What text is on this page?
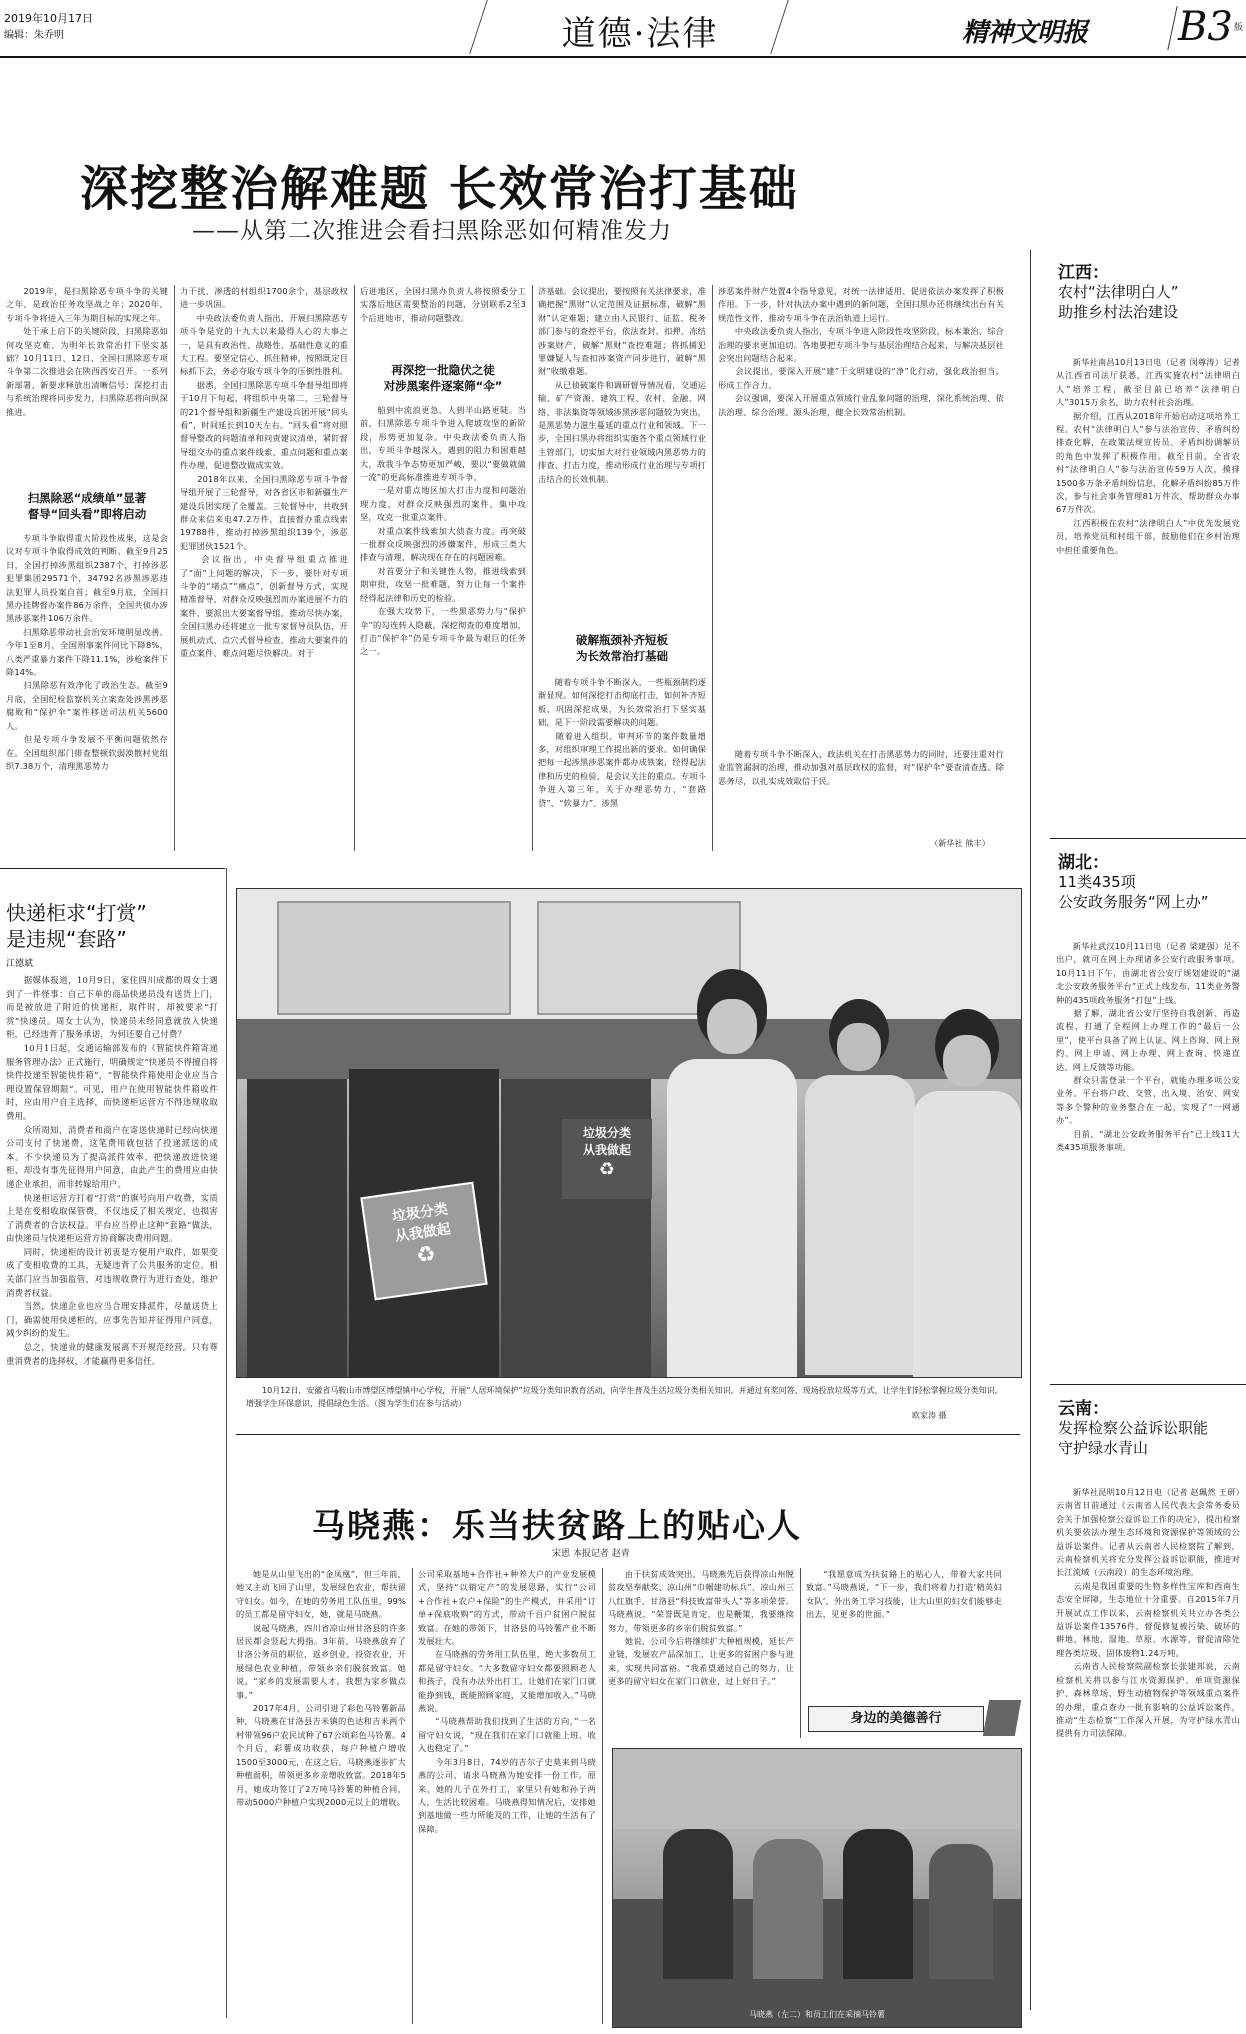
2019年10月17日
编辑：朱乔明	道德·法律	精神文明报 B3 版
深挖整治解难题 长效常治打基础
——从第二次推进会看扫黑除恶如何精准发力
　　2019年，是扫黑除恶专项斗争的关键之年，是政治任务攻坚战之年；2020年，专项斗争将进入三年为期目标的实现之年。
　　处于承上启下的关键阶段，扫黑除恶如何攻坚克难、为明年长效常治打下坚实基础？10月11日、12日，全国扫黑除恶专项斗争第二次推进会在陕西西安召开。一系列新部署、新要求释放出清晰信号：深挖打击与系统治理将同步发力，扫黑除恶将向纵深推进。
扫黑除恶“成绩单”显著
督导“回头看”即将启动
　　专项斗争取得重大阶段性成果，这是会议对专项斗争取得成效的判断。截至9月25日，全国打掉涉黑组织2387个，打掉涉恶犯罪集团29571个，34792名涉黑涉恶违法犯罪人员投案自首；截至9月底，全国扫黑办挂牌督办案件86万余件，全国共侦办涉黑涉恶案件106万余件。
　　扫黑除恶带动社会治安环境明显改善。今年1至8月，全国刑事案件同比下降8%，八类严重暴力案件下降11.1%，涉枪案件下降14%。
　　扫黑除恶有效净化了政治生态。截至9月底，全国纪检监察机关立案查处涉黑涉恶腐败和“保护伞”案件移送司法机关5600人。
　　但是专项斗争发展不平衡问题依然存在。全国组织部门排查整顿软弱涣散村党组织7.38万个，清理黑恶势力
力干扰、渗透的村组织1700余个，基层政权进一步巩固。
　　中央政法委负责人指出，开展扫黑除恶专项斗争是党的十九大以来最得人心的大事之一，是具有政治性、战略性、基础性意义的重大工程。要坚定信心、抓住精神，按照既定目标抓下去，务必夺取专项斗争的压倒性胜利。
　　据悉，全国扫黑除恶专项斗争督导组即将于10月下旬起，将组织中央第二、三轮督导的21个督导组和新疆生产建设兵团开展“回头看”，时间延长到10天左右。“回头看”将对照督导整改的问题清单和问责建议清单，紧盯督导组交办的重点案件线索、重点问题和重点案件办理，促进整改做成实效。
　　2018年以来，全国扫黑除恶专项斗争督导组开展了三轮督导，对各省区市和新疆生产建设兵团实现了全覆盖。三轮督导中，共收到群众来信来电47.2万件，直接督办重点线索19788件，推动打掉涉黑组织139个，涉恶犯罪团伙1521个。
　　会议指出，中央督导组重点推进了“面”上问题的解决，下一步，要针对专项斗争的“堵点”“痛点”，创新督导方式，实现精准督导，对群众反映强烈而办案进展不力的案件，要派出大要案督导组，推动尽快办案，全国扫黑办还将建立一批专家督导员队伍，开展机动式、点穴式督导检查，推动大要案件的重点案件、难点问题尽快解决。对于
后进地区，全国扫黑办负责人将按照委分工实落后地区需要整治的问题，分别联系2至3个后进地市，推动问题整改。
再深挖一批隐伏之徒
对涉黑案件逐案筛“伞”
　　船到中流浪更急，人到半山路更陡。当前，扫黑除恶专项斗争进入爬坡攻坚的新阶段，形势更加复杂。中央政法委负责人指出，专项斗争越深入，遇到的阻力和困难越大，敌我斗争态势更加严峻，要以“要做就做一流”的更高标准推进专项斗争。
　　一是对重点地区加大打击力度和问题治理力度，对群众反映强烈的案件，集中攻坚，攻克一批重点案件。
　　对重点案件线索加大侦查力度。再突破一批群众反映强烈的涉嫌案件，形成三类大排查与清理，解决现在存在的问题困难。
　　对首要分子和关键性人物，推进线索到期审批，攻坚一批难题，努力让每一个案件经得起法律和历史的检验。
　　在强大攻势下，一些黑恶势力与“保护伞”的勾连转入隐蔽，深挖彻查的难度增加，打击“保护伞”仍是专项斗争最为艰巨的任务之一。
济基础。会议提出，要按照有关法律要求，准确把握“黑财”认定范围及证据标准，破解“黑财”认定难题；建立由人民银行、证监、税务部门参与的查控平台，依法查封、扣押、冻结涉案财产，破解“黑财”查控难题；将抓捕犯罪嫌疑人与查扣涉案资产同步进行，破解“黑财”收缴难题。
　　从已侦破案件和调研督导情况看，交通运输、矿产资源、建筑工程、农村、金融、网络、非法集资等领域涉黑涉恶问题较为突出，是黑恶势力滋生蔓延的重点行业和领域。下一步，全国扫黑办将组织实施各个重点领域行业主管部门，切实加大对行业领域内黑恶势力的排查、打击力度，推动形成行业治理与专项打击结合的长效机制。
破解瓶颈补齐短板
为长效常治打基础
　　随着专项斗争不断深入，一些瓶颈制约逐渐显现。如何深挖打击彻底打击，如何补齐短板，巩固深挖成果，为长效常治打下坚实基础，是下一阶段需要解决的问题。
　　随着进入组织、审判环节的案件数量增多，对组织审理工作提出新的要求。如何确保把每一起涉黑涉恶案件都办成铁案，经得起法律和历史的检验，是会议关注的重点。专项斗争进入第三年，关于办理恶势力、“套路贷”、“软暴力”、涉黑
涉恶案件财产处置4个指导意见，对统一法律适用、促进依法办案发挥了积极作用。下一步，针对执法办案中遇到的新问题，全国扫黑办还将继续出台有关规范性文件，推动专项斗争在法治轨道上运行。
　　中央政法委负责人指出，专项斗争进入阶段性攻坚阶段，标本兼治、综合治理的要求更加迫切。各地要把专项斗争与基层治理结合起来，与解决基层社会突出问题结合起来。
　　会议提出，要深入开展“建”于文明建设的“净”化行动，强化政治担当，形成工作合力。
　　会议强调，要深入开展重点领域行业乱象问题的治理，深化系统治理、依法治理、综合治理、源头治理，健全长效常治机制。
　　随着专项斗争不断深入，政法机关在打击黑恶势力的同时，还要注重对行业监管漏洞的治理，推动加强对基层政权的监督，对“保护伞”要查清查透、除恶务尽，以扎实成效取信于民。
（新华社 熊丰）
江西：
农村“法律明白人”
助推乡村法治建设
　　新华社南昌10月13日电（记者 闵尊涛）记者从江西省司法厅获悉，江西实施农村“法律明白人”培养工程，截至目前已培养“法律明白人”3015万余名，助力农村社会治理。
　　据介绍，江西从2018年开始启动这项培养工程。农村“法律明白人”参与法治宣传、矛盾纠纷排查化解，在政策法规宣传员、矛盾纠纷调解员的角色中发挥了积极作用。截至目前，全省农村“法律明白人”参与法治宣传59万人次，摸排1500多万条矛盾纠纷信息，化解矛盾纠纷85万件次，参与社会事务管理81万件次，帮助群众办事67万件次。
　　江西积极在农村“法律明白人”中优先发展党员，培养党员和村组干部，鼓励他们在乡村治理中担任重要角色。
湖北：
11类435项
公安政务服务“网上办”
　　新华社武汉10月11日电（记者 梁建强）足不出户，就可在网上办理诸多公安行政服务事项。10月11日下午，由湖北省公安厅规划建设的“湖北公安政务服务平台”正式上线发布，11类业务警种的435项政务服务“打包”上线。
　　据了解，湖北省公安厅坚持自我创新、再造流程，打通了全程网上办理工作的“最后一公里”，使平台具备了网上认证、网上咨询、网上预约、网上申请、网上办理、网上查询、快递直达、网上反馈等功能。
　　群众只需登录一个平台，就能办理多项公安业务。平台将户政、交管、出入境、治安、网安等多个警种的业务整合在一起，实现了“一网通办”。
　　目前，“湖北公安政务服务平台”已上线11大类435项服务事项。
云南：
发挥检察公益诉讼职能
守护绿水青山
　　新华社昆明10月12日电（记者 赵珮然 王研）云南省日前通过《云南省人民代表大会常务委员会关于加强检察公益诉讼工作的决定》，提出检察机关要依法办理生态环境和资源保护等领域的公益诉讼案件。记者从云南省人民检察院了解到，云南检察机关将充分发挥公益诉讼职能，推进对长江流域（云南段）的生态环境治理。
　　云南是我国重要的生物多样性宝库和西南生态安全屏障，生态地位十分重要。自2015年7月开展试点工作以来，云南检察机关共立办各类公益诉讼案件13576件，督促修复被污染、破坏的耕地、林地、湿地、草原、水源等，督促清除处理各类垃圾、固体废物1.24万吨。
　　云南省人民检察院副检察长张建邦说，云南检察机关将以参与江水资源保护、单项资源保护、森林草场、野生动植物保护等领域重点案件的办理，重点查办一批有影响的公益诉讼案件，推动“生态检察”工作深入开展，为守护绿水青山提供有力司法保障。
快递柜求“打赏”
是违规“套路”
江德斌
　　据媒体报道，10月9日，家住四川成都的周女士遇到了一件怪事：自己下单的商品快递员没有送货上门，而是被放进了附近的快递柜，取件时，却被要求“打赏”快递员。周女士认为，快递员未经同意就放入快递柜，已经违背了服务承诺，为何还要自己付费？
　　10月1日起，交通运输部发布的《智能快件箱寄递服务管理办法》正式施行，明确规定“快递员不得擅自将快件投递至智能快件箱”，“智能快件箱使用企业应当合理设置保管期限”。可见，用户在使用智能快件箱收件时，应由用户自主选择，而快递柜运营方不得违规收取费用。
　　众所周知，消费者和商户在寄送快递时已经向快递公司支付了快递费，这笔费用就包括了投递派送的成本。不少快递员为了提高派件效率，把快递放进快递柜，却没有事先征得用户同意，由此产生的费用应由快递企业承担，而非转嫁给用户。
　　快递柜运营方打着“打赏”的旗号向用户收费，实质上是在变相收取保管费，不仅违反了相关规定，也损害了消费者的合法权益。平台应当停止这种“套路”做法，由快递员与快递柜运营方协商解决费用问题。
　　同时，快递柜的设计初衷是方便用户取件，如果变成了变相收费的工具，无疑违背了公共服务的定位。相关部门应当加强监管，对违规收费行为进行查处，维护消费者权益。
　　当然，快递企业也应当合理安排派件，尽量送货上门，确需使用快递柜的，应事先告知并征得用户同意，减少纠纷的发生。
　　总之，快递业的健康发展离不开规范经营。只有尊重消费者的选择权，才能赢得更多信任。
垃圾分类
从我做起
♻
垃圾分类
从我做起
♻
　　10月12日，安徽省马鞍山市博望区博望镇中心学校，开展“人居环境保护”垃圾分类知识教育活动，向学生普及生活垃圾分类相关知识，并通过有奖问答、现场投放垃圾等方式，让学生们轻松掌握垃圾分类知识，增强学生环保意识，提倡绿色生活。（图为学生们在参与活动）
欧家涛 摄
马晓燕：乐当扶贫路上的贴心人
宋恩 本报记者 赵青
　　她是从山里飞出的“金凤凰”，但三年前，她又主动飞回了山里，发展绿色农业，帮扶留守妇女。如今，在她的劳务用工队伍里，99%的员工都是留守妇女，她，就是马晓燕。
　　说起马晓燕，四川省凉山州甘洛县的许多居民都会竖起大拇指。3年前，马晓燕放弃了甘洛公务员的职位，返乡创业，投资农业，开展绿色农业种植，带领乡亲们脱贫致富。她说，“家乡的发展需要人才，我想为家乡做点事。”
　　2017年4月，公司引进了彩色马铃薯新品种，马晓燕在甘洛县吉米镇的色达和吉米两个村带领96户农民试种了67公顷彩色马铃薯。4个月后，彩薯成功收获，每户种植户增收1500至3000元，在这之后，马晓燕逐步扩大种植面积，带领更多乡亲增收致富。2018年5月，她成功签订了2万吨马铃薯的种植合同，带动5000户种植户实现2000元以上的增收。
公司采取基地+合作社+种养大户的产业发展模式，坚持“以销定产”的发展思路，实行“公司+合作社+农户+保险”的生产模式，并采用“订单+保底收购”的方式，带动千百户贫困户脱贫致富。在她的带领下，甘洛县的马铃薯产业不断发展壮大。
　　在马晓燕的劳务用工队伍里，绝大多数员工都是留守妇女。“大多数留守妇女都要照顾老人和孩子，没有办法外出打工，让她们在家门口就能挣到钱，既能照顾家庭，又能增加收入。”马晓燕说。
　　“马晓燕帮助我们找到了生活的方向，”一名留守妇女说，“现在我们在家门口就能上班，收入也稳定了。”
　　今年3月8日，74岁的吉尔子史莫来到马晓燕的公司，请求马晓燕为她安排一份工作。原来，她的儿子在外打工，家里只有她和孙子两人，生活比较困难。马晓燕得知情况后，安排她到基地做一些力所能及的工作，让她的生活有了保障。
　　由于扶贫成效突出，马晓燕先后获得凉山州脱贫攻坚奉献奖、凉山州“巾帼建功标兵”、凉山州三八红旗手、甘洛县“科技致富带头人”等多项荣誉。马晓燕说，“荣誉既是肯定，也是鞭策，我要继续努力，带领更多的乡亲们脱贫致富。”
　　她说，公司今后将继续扩大种植规模，延长产业链，发展农产品深加工，让更多的贫困户参与进来，实现共同富裕。“我希望通过自己的努力，让更多的留守妇女在家门口就业，过上好日子。”
　　“我愿意成为扶贫路上的贴心人，带着大家共同致富。”马晓燕说，“下一步，我们将着力打造‘精英妇女队’，外出务工学习技能，让大山里的妇女们能够走出去，见更多的世面。”
身边的美德善行
马晓燕（左二）和员工们在采摘马铃薯
